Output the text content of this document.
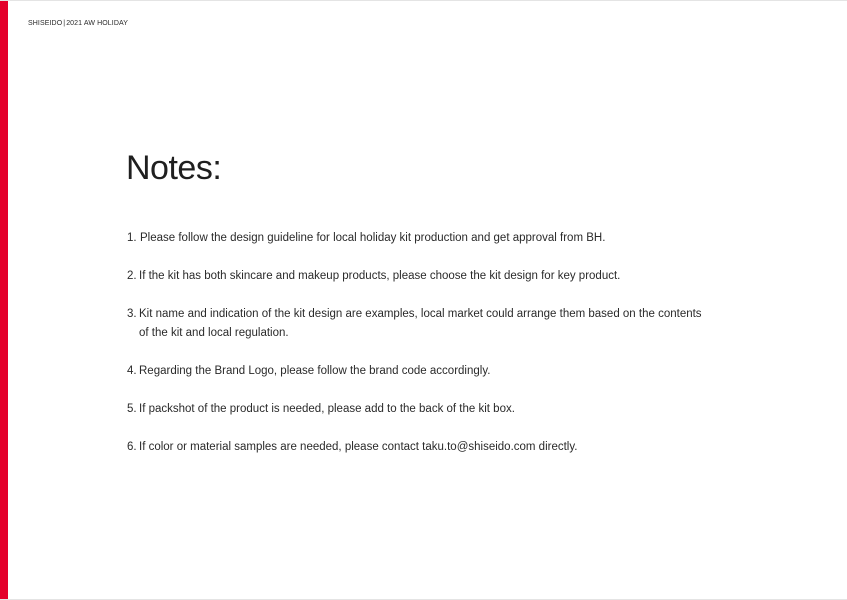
SHISEIDO|2021 AW HOLIDAY
Notes:
1. Please follow the design guideline for local holiday kit production and get approval from BH.
2. If the kit has both skincare and makeup products, please choose the kit design for key product.
3. Kit name and indication of the kit design are examples, local market could arrange them based on the contents of the kit and local regulation.
4. Regarding the Brand Logo, please follow the brand code accordingly.
5. If packshot of the product is needed, please add to the back of the kit box.
6. If color or material samples are needed, please contact taku.to@shiseido.com directly.
